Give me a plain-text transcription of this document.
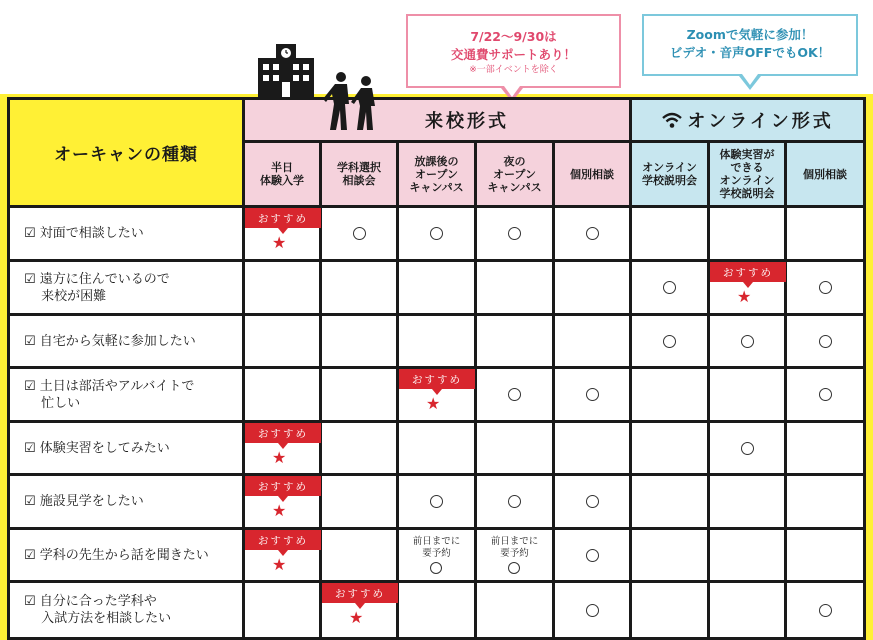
7/22〜9/30は
交通費サポートあり！
※一部イベントを除く
Zoomで気軽に参加！
ビデオ・音声OFFでもOK！
オーキャンの種類
来校形式	オンライン形式
半日
体験入学
学科選択
相談会
放課後の
オープン
キャンパス
夜の
オープン
キャンパス
個別相談	オンライン
学校説明会
体験実習が
できる
オンライン
学校説明会
個別相談
☑ 対面で相談したい
おすすめ
★
☑ 遠方に住んでいるので
　 来校が困難
おすすめ
★
☑ 自宅から気軽に参加したい
☑ 土日は部活やアルバイトで
　 忙しい
おすすめ
★
☑ 体験実習をしてみたい
おすすめ
★
☑ 施設見学をしたい
おすすめ
★
☑ 学科の先生から話を聞きたい
おすすめ
★
前日までに
要予約
前日までに
要予約
☑ 自分に合った学科や
　 入試方法を相談したい
おすすめ
★
